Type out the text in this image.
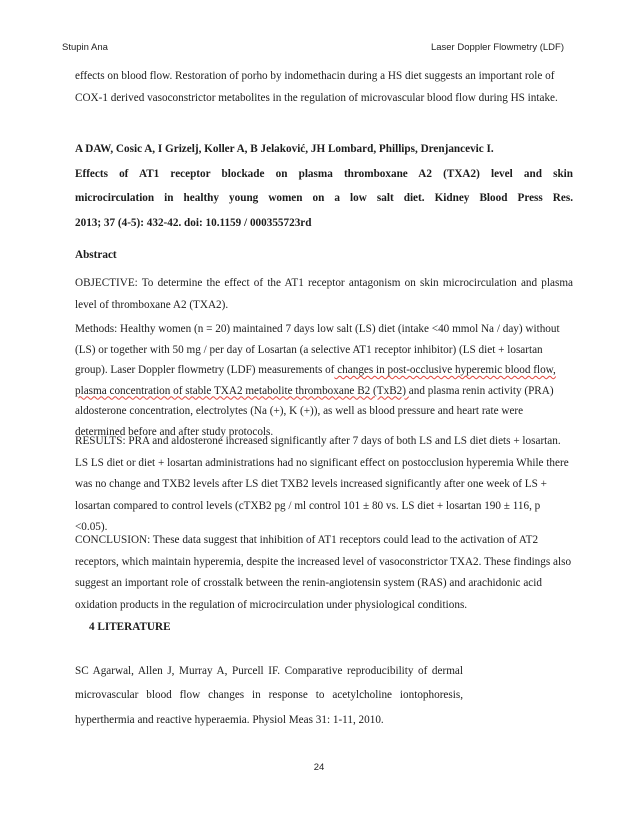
Stupin Ana	Laser Doppler Flowmetry (LDF)

effects on blood flow. Restoration of porho by indomethacin during a HS diet suggests an important role of COX-1 derived vasoconstrictor metabolites in the regulation of microvascular blood flow during HS intake.

A DAW, Cosic A, I Grizelj, Koller A, B Jelaković, JH Lombard, Phillips, Drenjancevic I.
Effects of AT1 receptor blockade on plasma thromboxane A2 (TXA2) level and skin
microcirculation in healthy young women on a low salt diet. Kidney Blood Press Res.
2013; 37 (4-5): 432-42. doi: 10.1159 / 000355723rd
Abstract

OBJECTIVE: To determine the effect of the AT1 receptor antagonism on skin microcirculation and plasma level of thromboxane A2 (TXA2).

Methods: Healthy women (n = 20) maintained 7 days low salt (LS) diet (intake <40 mmol Na / day) without (LS) or together with 50 mg / per day of Losartan (a selective AT1 receptor inhibitor) (LS diet + losartan group). Laser Doppler flowmetry (LDF) measurements of changes in post-occlusive hyperemic blood flow, plasma concentration of stable TXA2 metabolite thromboxane B2 (TxB2) and plasma renin activity (PRA) aldosterone concentration, electrolytes (Na (+), K (+)), as well as blood pressure and heart rate were determined before and after study protocols.

RESULTS: PRA and aldosterone increased significantly after 7 days of both LS and LS diet diets + losartan. LS LS diet or diet + losartan administrations had no significant effect on postocclusion hyperemia While there was no change and TXB2 levels after LS diet TXB2 levels increased significantly after one week of LS + losartan compared to control levels (cTXB2 pg / ml control 101 ± 80 vs. LS diet + losartan 190 ± 116, p <0.05).

CONCLUSION: These data suggest that inhibition of AT1 receptors could lead to the activation of AT2 receptors, which maintain hyperemia, despite the increased level of vasoconstrictor TXA2. These findings also suggest an important role of crosstalk between the renin-angiotensin system (RAS) and arachidonic acid oxidation products in the regulation of microcirculation under physiological conditions.

4 LITERATURE

SC Agarwal, Allen J, Murray A, Purcell IF. Comparative reproducibility of dermal microvascular blood flow changes in response to acetylcholine iontophoresis, hyperthermia and reactive hyperaemia. Physiol Meas 31: 1-11, 2010.

24
